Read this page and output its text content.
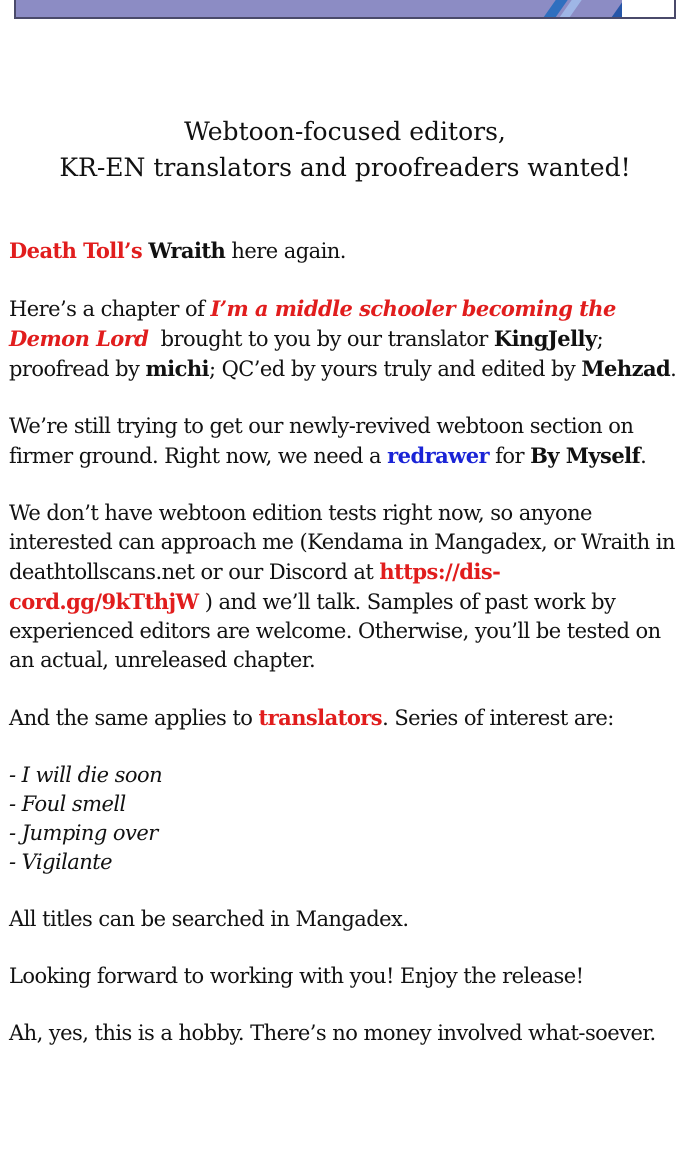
Webtoon-focused editors,
KR-EN translators and proofreaders wanted!

Death Toll’s Wraith here again.

Here’s a chapter of I’m a middle schooler becoming the Demon Lord  brought to you by our translator KingJelly; proofread by michi; QC’ed by yours truly and edited by Mehzad.

We’re still trying to get our newly-revived webtoon section on firmer ground. Right now, we need a redrawer for By Myself.

We don’t have webtoon edition tests right now, so anyone interested can approach me (Kendama in Mangadex, or Wraith in deathtollscans.net or our Discord at https://dis-cord.gg/9kTthjW ) and we’ll talk. Samples of past work by experienced editors are welcome. Otherwise, you’ll be tested on an actual, unreleased chapter.

And the same applies to translators. Series of interest are:

- I will die soon
- Foul smell
- Jumping over
- Vigilante

All titles can be searched in Mangadex.

Looking forward to working with you! Enjoy the release!

Ah, yes, this is a hobby. There’s no money involved what-soever.
